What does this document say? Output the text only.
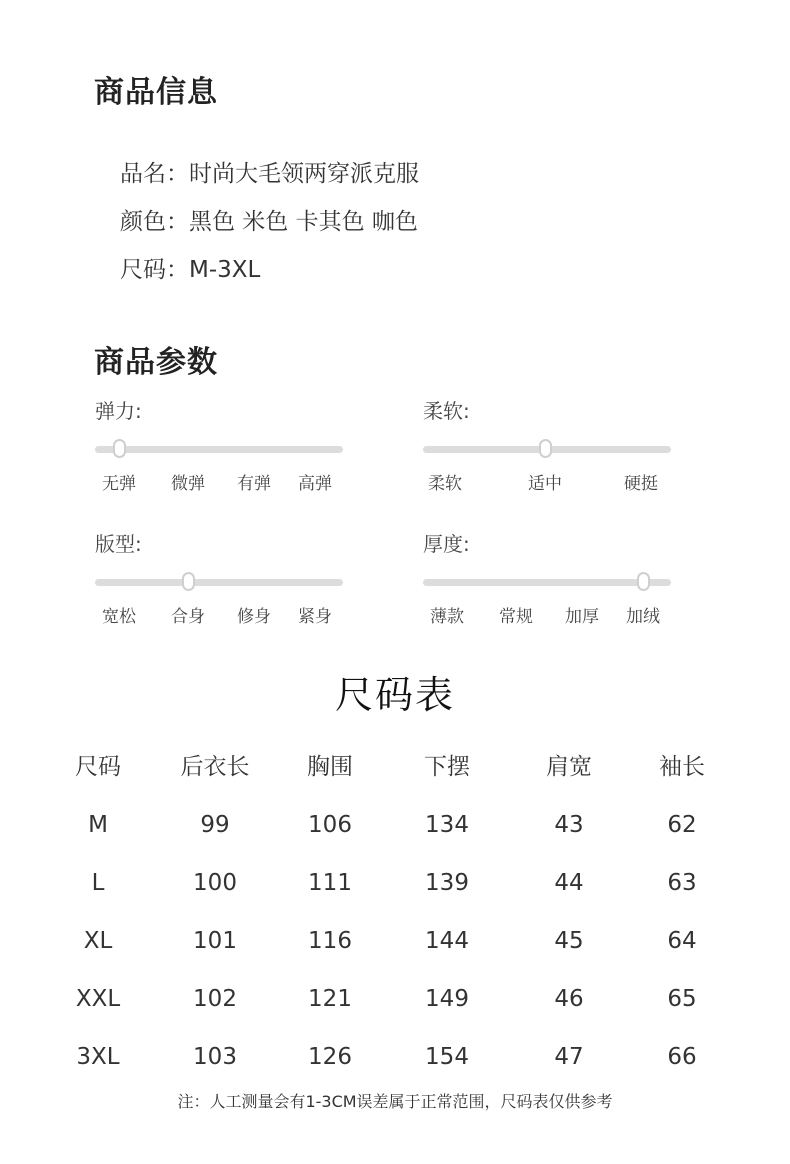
商品信息
品名：时尚大毛领两穿派克服
颜色：黑色 米色 卡其色 咖色
尺码：M-3XL
商品参数
弹力:
无弹 微弹 有弹 高弹
柔软:
柔软	适中	硬挺
版型:
宽松 合身 修身 紧身
厚度:
薄款 常规 加厚 加绒
尺码表
尺码	后衣长	胸围	下摆	肩宽	袖长
M	99	106	134	43	62
L	100	111	139	44	63
XL	101	116	144	45	64
XXL	102	121	149	46	65
3XL	103	126	154	47	66
注：人工测量会有1-3CM误差属于正常范围，尺码表仅供参考
